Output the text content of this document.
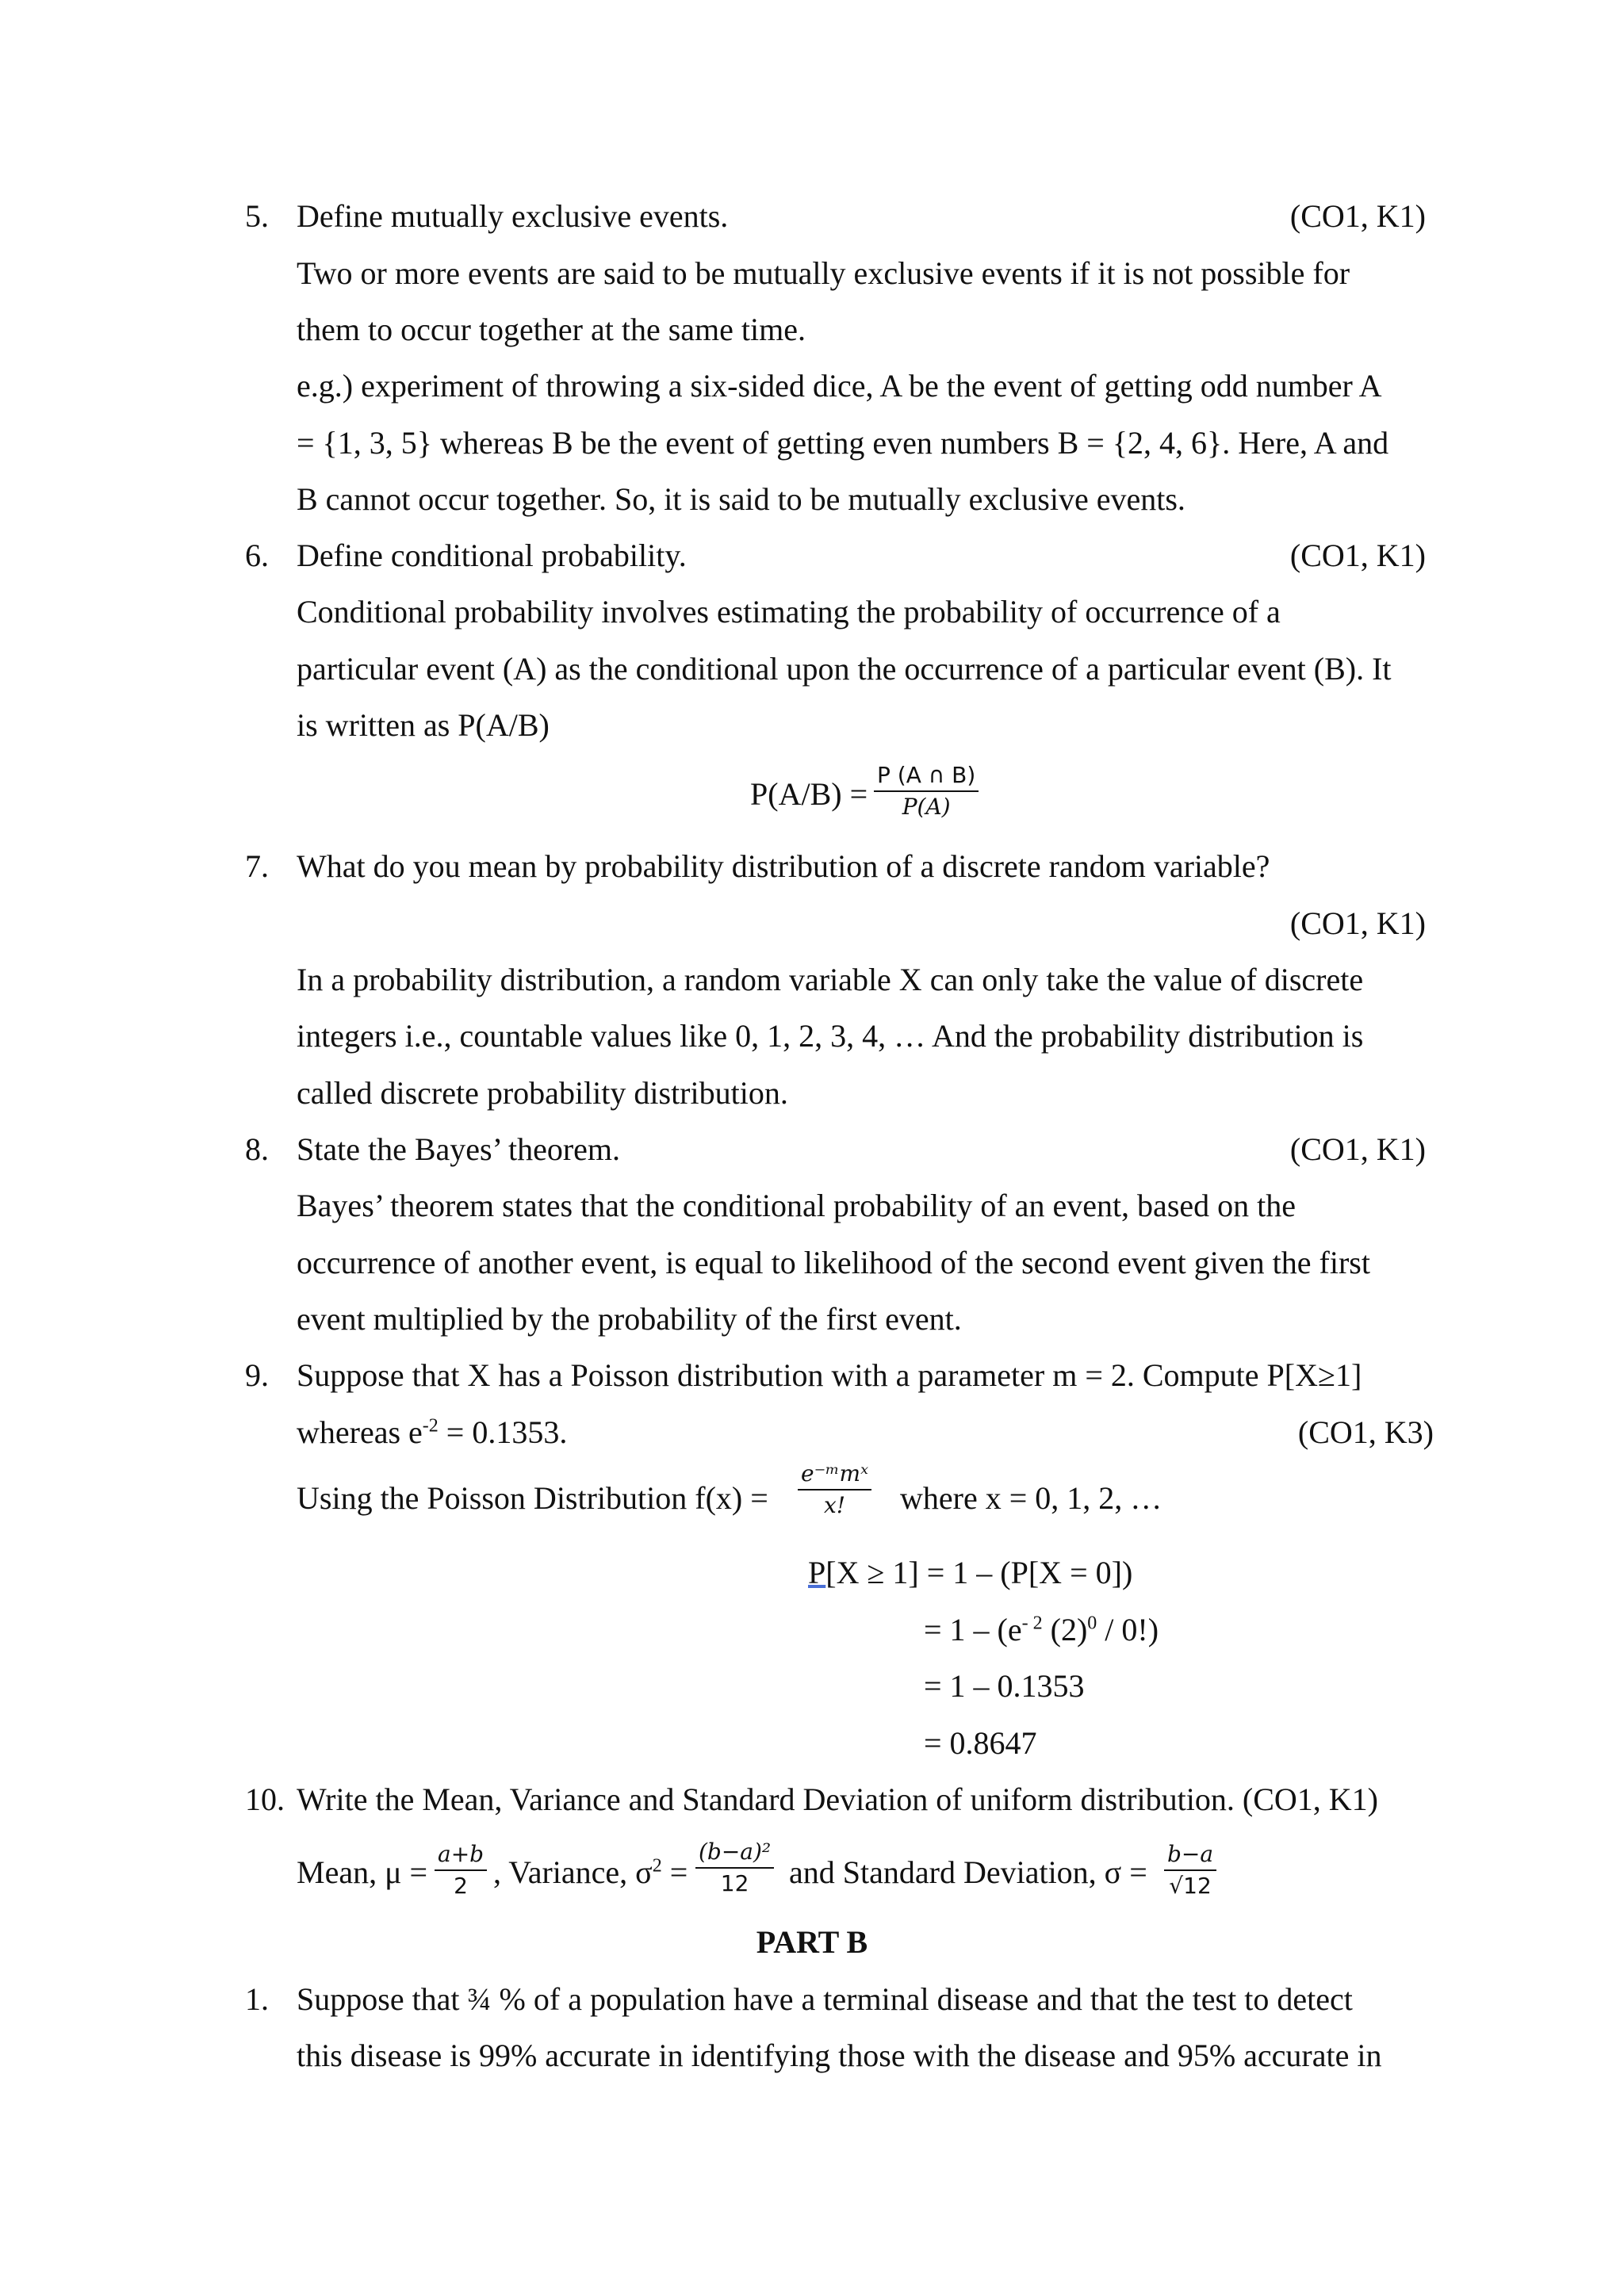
5. Define mutually exclusive events.	(CO1, K1)
Two or more events are said to be mutually exclusive events if it is not possible for
them to occur together at the same time.
e.g.) experiment of throwing a six-sided dice, A be the event of getting odd number A
= {1, 3, 5} whereas B be the event of getting even numbers B = {2, 4, 6}. Here, A and
B cannot occur together. So, it is said to be mutually exclusive events.
6. Define conditional probability.	(CO1, K1)
Conditional probability involves estimating the probability of occurrence of a
particular event (A) as the conditional upon the occurrence of a particular event (B). It
is written as P(A/B)
$P(A/B) = \frac{P (A \cap B)}{P(A)}$
7. What do you mean by probability distribution of a discrete random variable?
(CO1, K1)
In a probability distribution, a random variable X can only take the value of discrete
integers i.e., countable values like 0, 1, 2, 3, 4, … And the probability distribution is
called discrete probability distribution.
8. State the Bayes’ theorem.	(CO1, K1)
Bayes’ theorem states that the conditional probability of an event, based on the
occurrence of another event, is equal to likelihood of the second event given the first
event multiplied by the probability of the first event.
9. Suppose that X has a Poisson distribution with a parameter m = 2. Compute P[X≥1]
whereas $e^{-2} = 0.1353$.	(CO1, K3)
Using the Poisson Distribution f(x) =
e⁻ᵐmˣ
x!	where x = 0, 1, 2, …
P[X ≥ 1] = 1 – (P[X = 0])
= $1 - (e^{- 2}$ $(2)^0 / 0$!)
= 1 – 0.1353
= 0.8647
10. Write the Mean, Variance and Standard Deviation of uniform distribution. (CO1, K1)
Mean, $\mu = \frac{a+b}{2}$ , Variance, $\sigma^2 = \frac{\text{(b−a)²}}{12}$ and Standard Deviation, $\sigma = \frac{b-a}{√12}$
PART B
1. Suppose that ¾ % of a population have a terminal disease and that the test to detect
this disease is 99% accurate in identifying those with the disease and 95% accurate in
